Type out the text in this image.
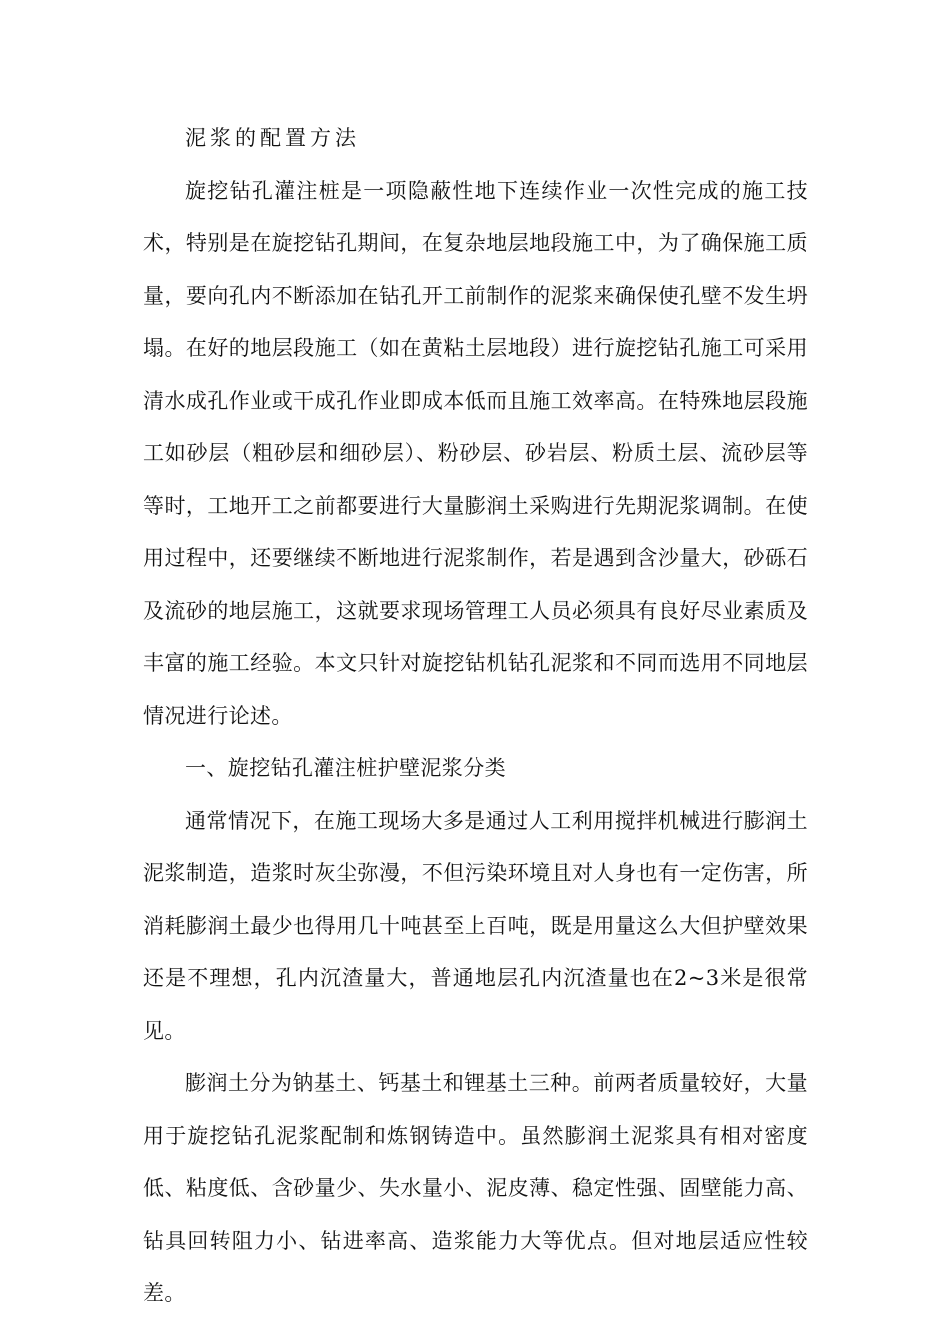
泥浆的配置方法

旋挖钻孔灌注桩是一项隐蔽性地下连续作业一次性完成的施工技术，特别是在旋挖钻孔期间，在复杂地层地段施工中，为了确保施工质量，要向孔内不断添加在钻孔开工前制作的泥浆来确保使孔壁不发生坍塌。在好的地层段施工（如在黄粘土层地段）进行旋挖钻孔施工可采用清水成孔作业或干成孔作业即成本低而且施工效率高。在特殊地层段施工如砂层（粗砂层和细砂层）、粉砂层、砂岩层、粉质土层、流砂层等等时，工地开工之前都要进行大量膨润土采购进行先期泥浆调制。在使用过程中，还要继续不断地进行泥浆制作，若是遇到含沙量大，砂砾石及流砂的地层施工，这就要求现场管理工人员必须具有良好尽业素质及丰富的施工经验。本文只针对旋挖钻机钻孔泥浆和不同而选用不同地层情况进行论述。

一、旋挖钻孔灌注桩护壁泥浆分类

通常情况下，在施工现场大多是通过人工利用搅拌机械进行膨润土泥浆制造，造浆时灰尘弥漫，不但污染环境且对人身也有一定伤害，所消耗膨润土最少也得用几十吨甚至上百吨，既是用量这么大但护壁效果还是不理想，孔内沉渣量大，普通地层孔内沉渣量也在2~3米是很常见。

膨润土分为钠基土、钙基土和锂基土三种。前两者质量较好，大量用于旋挖钻孔泥浆配制和炼钢铸造中。虽然膨润土泥浆具有相对密度低、粘度低、含砂量少、失水量小、泥皮薄、稳定性强、固壁能力高、钻具回转阻力小、钻进率高、造浆能力大等优点。但对地层适应性较差。
